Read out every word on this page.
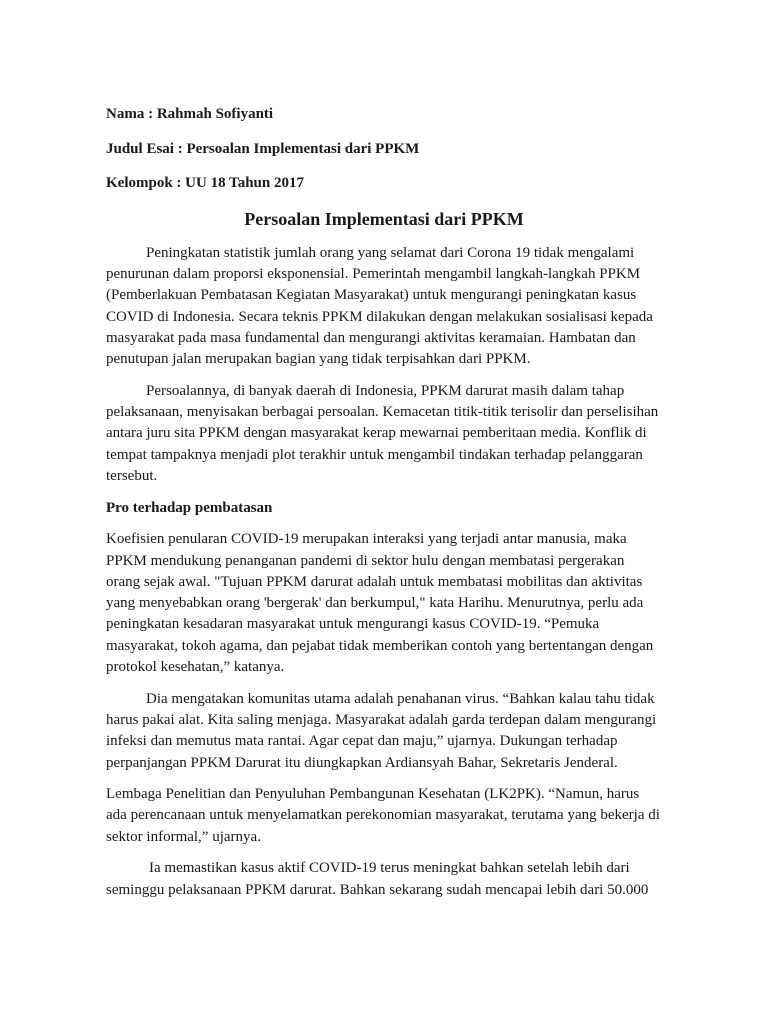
Nama : Rahmah Sofiyanti

Judul Esai : Persoalan Implementasi dari PPKM

Kelompok : UU 18 Tahun 2017

Persoalan Implementasi dari PPKM

Peningkatan statistik jumlah orang yang selamat dari Corona 19 tidak mengalami penurunan dalam proporsi eksponensial. Pemerintah mengambil langkah-langkah PPKM (Pemberlakuan Pembatasan Kegiatan Masyarakat) untuk mengurangi peningkatan kasus COVID di Indonesia. Secara teknis PPKM dilakukan dengan melakukan sosialisasi kepada masyarakat pada masa fundamental dan mengurangi aktivitas keramaian. Hambatan dan penutupan jalan merupakan bagian yang tidak terpisahkan dari PPKM.

Persoalannya, di banyak daerah di Indonesia, PPKM darurat masih dalam tahap pelaksanaan, menyisakan berbagai persoalan. Kemacetan titik-titik terisolir dan perselisihan antara juru sita PPKM dengan masyarakat kerap mewarnai pemberitaan media. Konflik di tempat tampaknya menjadi plot terakhir untuk mengambil tindakan terhadap pelanggaran tersebut.

Pro terhadap pembatasan

Koefisien penularan COVID-19 merupakan interaksi yang terjadi antar manusia, maka PPKM mendukung penanganan pandemi di sektor hulu dengan membatasi pergerakan orang sejak awal. "Tujuan PPKM darurat adalah untuk membatasi mobilitas dan aktivitas yang menyebabkan orang 'bergerak' dan berkumpul," kata Harihu. Menurutnya, perlu ada peningkatan kesadaran masyarakat untuk mengurangi kasus COVID-19. “Pemuka masyarakat, tokoh agama, dan pejabat tidak memberikan contoh yang bertentangan dengan protokol kesehatan,” katanya.

Dia mengatakan komunitas utama adalah penahanan virus. “Bahkan kalau tahu tidak harus pakai alat. Kita saling menjaga. Masyarakat adalah garda terdepan dalam mengurangi infeksi dan memutus mata rantai. Agar cepat dan maju,” ujarnya. Dukungan terhadap perpanjangan PPKM Darurat itu diungkapkan Ardiansyah Bahar, Sekretaris Jenderal.

Lembaga Penelitian dan Penyuluhan Pembangunan Kesehatan (LK2PK). “Namun, harus ada perencanaan untuk menyelamatkan perekonomian masyarakat, terutama yang bekerja di sektor informal,” ujarnya.

Ia memastikan kasus aktif COVID-19 terus meningkat bahkan setelah lebih dari seminggu pelaksanaan PPKM darurat. Bahkan sekarang sudah mencapai lebih dari 50.000
